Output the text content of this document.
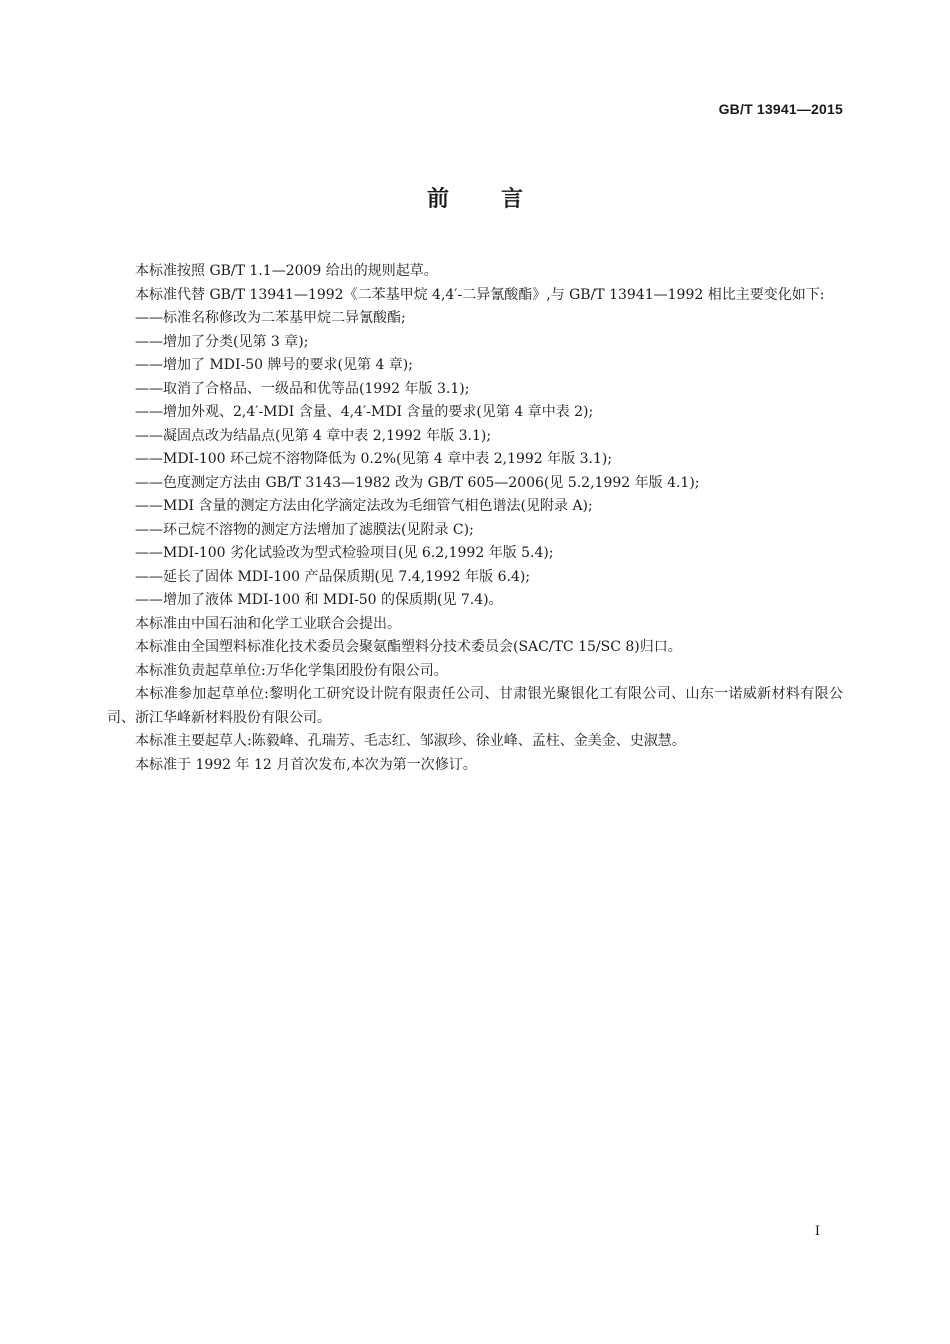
GB/T 13941—2015
前言

本标准按照 GB/T 1.1—2009 给出的规则起草。

本标准代替 GB/T 13941—1992《二苯基甲烷 4,4′-二异氰酸酯》,与 GB/T 13941—1992 相比主要变化如下:

——标准名称修改为二苯基甲烷二异氰酸酯;

——增加了分类(见第 3 章);

——增加了 MDI-50 牌号的要求(见第 4 章);

——取消了合格品、一级品和优等品(1992 年版 3.1);

——增加外观、2,4′-MDI 含量、4,4′-MDI 含量的要求(见第 4 章中表 2);

——凝固点改为结晶点(见第 4 章中表 2,1992 年版 3.1);

——MDI-100 环己烷不溶物降低为 0.2%(见第 4 章中表 2,1992 年版 3.1);

——色度测定方法由 GB/T 3143—1982 改为 GB/T 605—2006(见 5.2,1992 年版 4.1);

——MDI 含量的测定方法由化学滴定法改为毛细管气相色谱法(见附录 A);

——环己烷不溶物的测定方法增加了滤膜法(见附录 C);

——MDI-100 劣化试验改为型式检验项目(见 6.2,1992 年版 5.4);

——延长了固体 MDI-100 产品保质期(见 7.4,1992 年版 6.4);

——增加了液体 MDI-100 和 MDI-50 的保质期(见 7.4)。

本标准由中国石油和化学工业联合会提出。

本标准由全国塑料标准化技术委员会聚氨酯塑料分技术委员会(SAC/TC 15/SC 8)归口。

本标准负责起草单位:万华化学集团股份有限公司。

本标准参加起草单位:黎明化工研究设计院有限责任公司、甘肃银光聚银化工有限公司、山东一诺威新材料有限公司、浙江华峰新材料股份有限公司。

本标准主要起草人:陈毅峰、孔瑞芳、毛志红、邹淑珍、徐业峰、孟柱、金美金、史淑慧。

本标准于 1992 年 12 月首次发布,本次为第一次修订。

I
